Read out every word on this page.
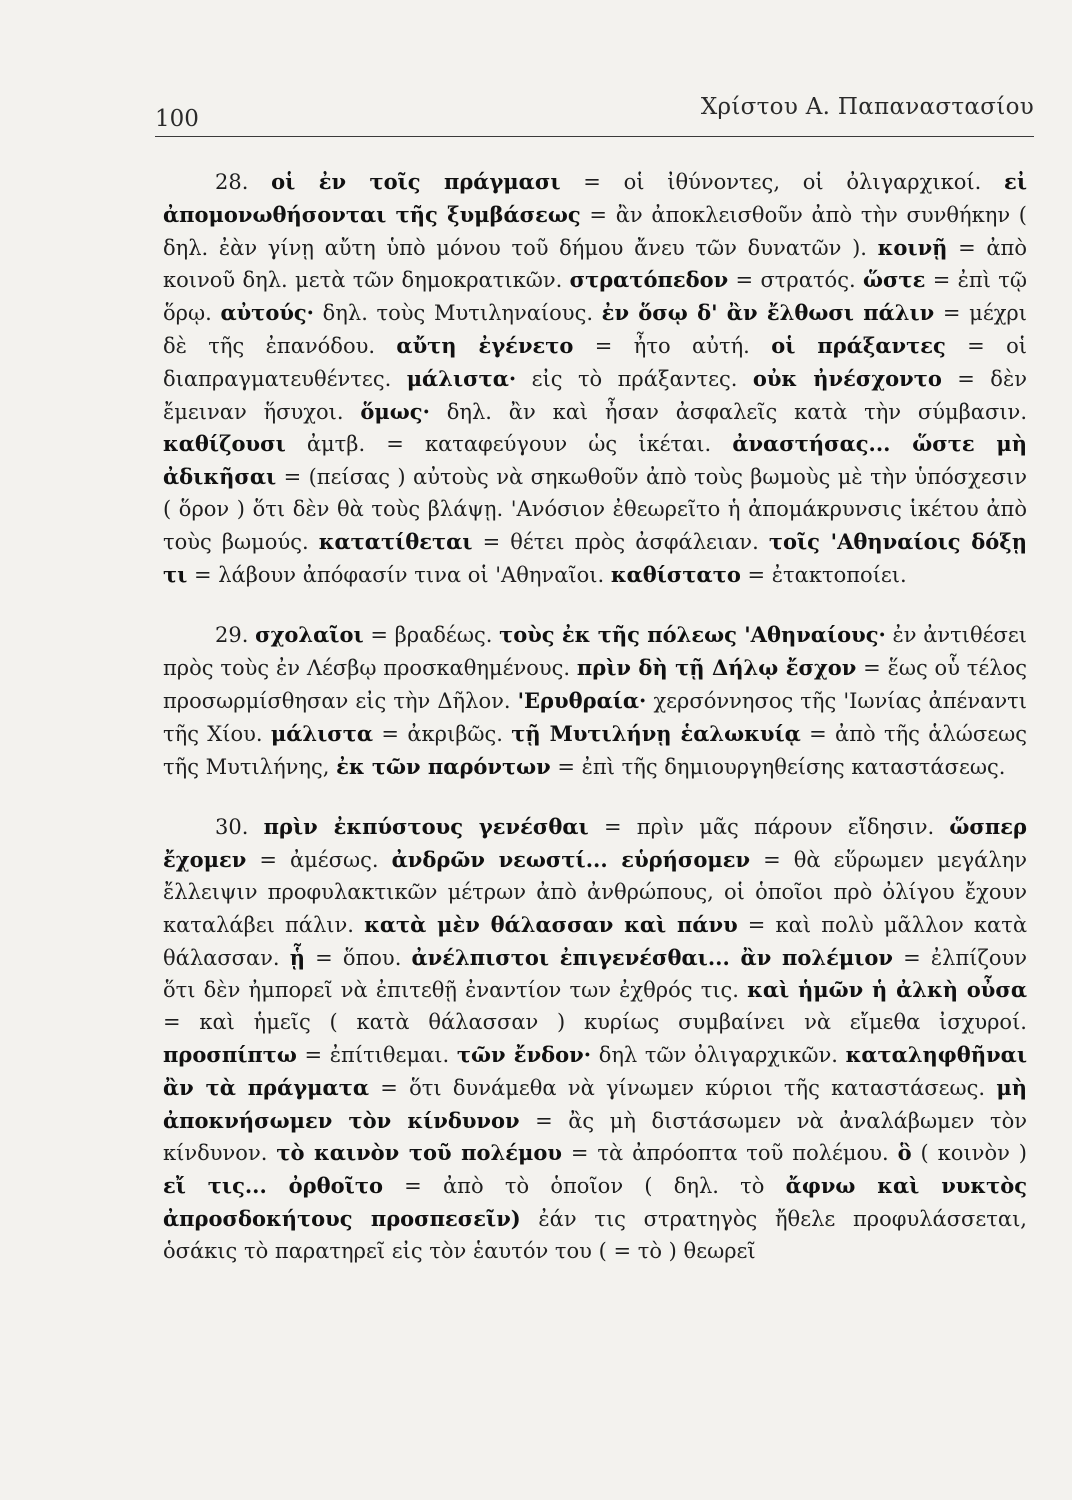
100	Χρίστου Α. Παπαναστασίου

28. οἱ ἐν τοῖς πράγμασι = οἱ ἰθύνοντες, οἱ ὀλιγαρχικοί. εἰ ἀπομονωθήσονται τῆς ξυμβάσεως = ἂν ἀποκλεισθοῦν ἀπὸ τὴν συνθήκην ( δηλ. ἐὰν γίνῃ αὔτη ὑπὸ μόνου τοῦ δήμου ἄνευ τῶν δυνατῶν ). κοινῇ = ἀπὸ κοινοῦ δηλ. μετὰ τῶν δημοκρατικῶν. στρατόπεδον = στρατός. ὥστε = ἐπὶ τῷ ὅρῳ. αὐτούς· δηλ. τοὺς Μυτιληναίους. ἐν ὅσῳ δ' ἂν ἔλθωσι πάλιν = μέχρι δὲ τῆς ἐπανόδου. αὔτη ἐγένετο = ἦτο αὐτή. οἱ πράξαντες = οἱ διαπραγματευθέντες. μάλιστα· εἰς τὸ πράξαντες. οὐκ ἠνέσχοντο = δὲν ἔμειναν ἥσυχοι. ὅμως· δηλ. ἂν καὶ ἦσαν ἀσφαλεῖς κατὰ τὴν σύμβασιν. καθίζουσι ἀμτβ. = καταφεύγουν ὡς ἱκέται. ἀναστήσας... ὥστε μὴ ἀδικῆσαι = (πείσας ) αὐτοὺς νὰ σηκωθοῦν ἀπὸ τοὺς βωμοὺς μὲ τὴν ὑπόσχεσιν ( ὅρον ) ὅτι δὲν θὰ τοὺς βλάψῃ. 'Ανόσιον ἐθεωρεῖτο ἡ ἀπομάκρυνσις ἱκέτου ἀπὸ τοὺς βωμούς. κατατίθεται = θέτει πρὸς ἀσφάλειαν. τοῖς 'Αθηναίοις δόξῃ τι = λάβουν ἀπόφασίν τινα οἱ 'Αθηναῖοι. καθίστατο = ἐτακτοποίει.

29. σχολαῖοι = βραδέως. τοὺς ἐκ τῆς πόλεως 'Αθηναίους· ἐν ἀντιθέσει πρὸς τοὺς ἐν Λέσβῳ προσκαθημένους. πρὶν δὴ τῇ Δήλῳ ἔσχον = ἕως οὗ τέλος προσωρμίσθησαν εἰς τὴν Δῆλον. 'Ερυθραία· χερσόννησος τῆς 'Ιωνίας ἀπέναντι τῆς Χίου. μάλιστα = ἀκριβῶς. τῇ Μυτιλήνῃ ἑαλωκυίᾳ = ἀπὸ τῆς ἁλώσεως τῆς Μυτιλήνης, ἐκ τῶν παρόντων = ἐπὶ τῆς δημιουργηθείσης καταστάσεως.

30. πρὶν ἐκπύστους γενέσθαι = πρὶν μᾶς πάρουν εἴδησιν. ὥσπερ ἔχομεν = ἀμέσως. ἀνδρῶν νεωστί... εὑρήσομεν = θὰ εὕρωμεν μεγάλην ἔλλειψιν προφυλακτικῶν μέτρων ἀπὸ ἀνθρώπους, οἱ ὁποῖοι πρὸ ὀλίγου ἔχουν καταλάβει πάλιν. κατὰ μὲν θάλασσαν καὶ πάνυ = καὶ πολὺ μᾶλλον κατὰ θάλασσαν. ᾗ = ὅπου. ἀνέλπιστοι ἐπιγενέσθαι... ἂν πολέμιον = ἐλπίζουν ὅτι δὲν ἠμπορεῖ νὰ ἐπιτεθῇ ἐναντίον των ἐχθρός τις. καὶ ἡμῶν ἡ ἀλκὴ οὖσα = καὶ ἡμεῖς ( κατὰ θάλασσαν ) κυρίως συμβαίνει νὰ εἴμεθα ἰσχυροί. προσπίπτω = ἐπίτιθεμαι. τῶν ἔνδον· δηλ τῶν ὀλιγαρχικῶν. καταληφθῆναι ἂν τὰ πράγματα = ὅτι δυνάμεθα νὰ γίνωμεν κύριοι τῆς καταστάσεως. μὴ ἀποκνήσωμεν τὸν κίνδυνον = ἂς μὴ διστάσωμεν νὰ ἀναλάβωμεν τὸν κίνδυνον. τὸ καινὸν τοῦ πολέμου = τὰ ἀπρόοπτα τοῦ πολέμου. ὃ ( κοινὸν ) εἴ τις... ὀρθοῖτο = ἀπὸ τὸ ὁποῖον ( δηλ. τὸ ἄφνω καὶ νυκτὸς ἀπροσδοκήτους προσπεσεῖν) ἐάν τις στρατηγὸς ἤθελε προφυλάσσεται, ὁσάκις τὸ παρατηρεῖ εἰς τὸν ἑαυτόν του ( = τὸ ) θεωρεῖ
